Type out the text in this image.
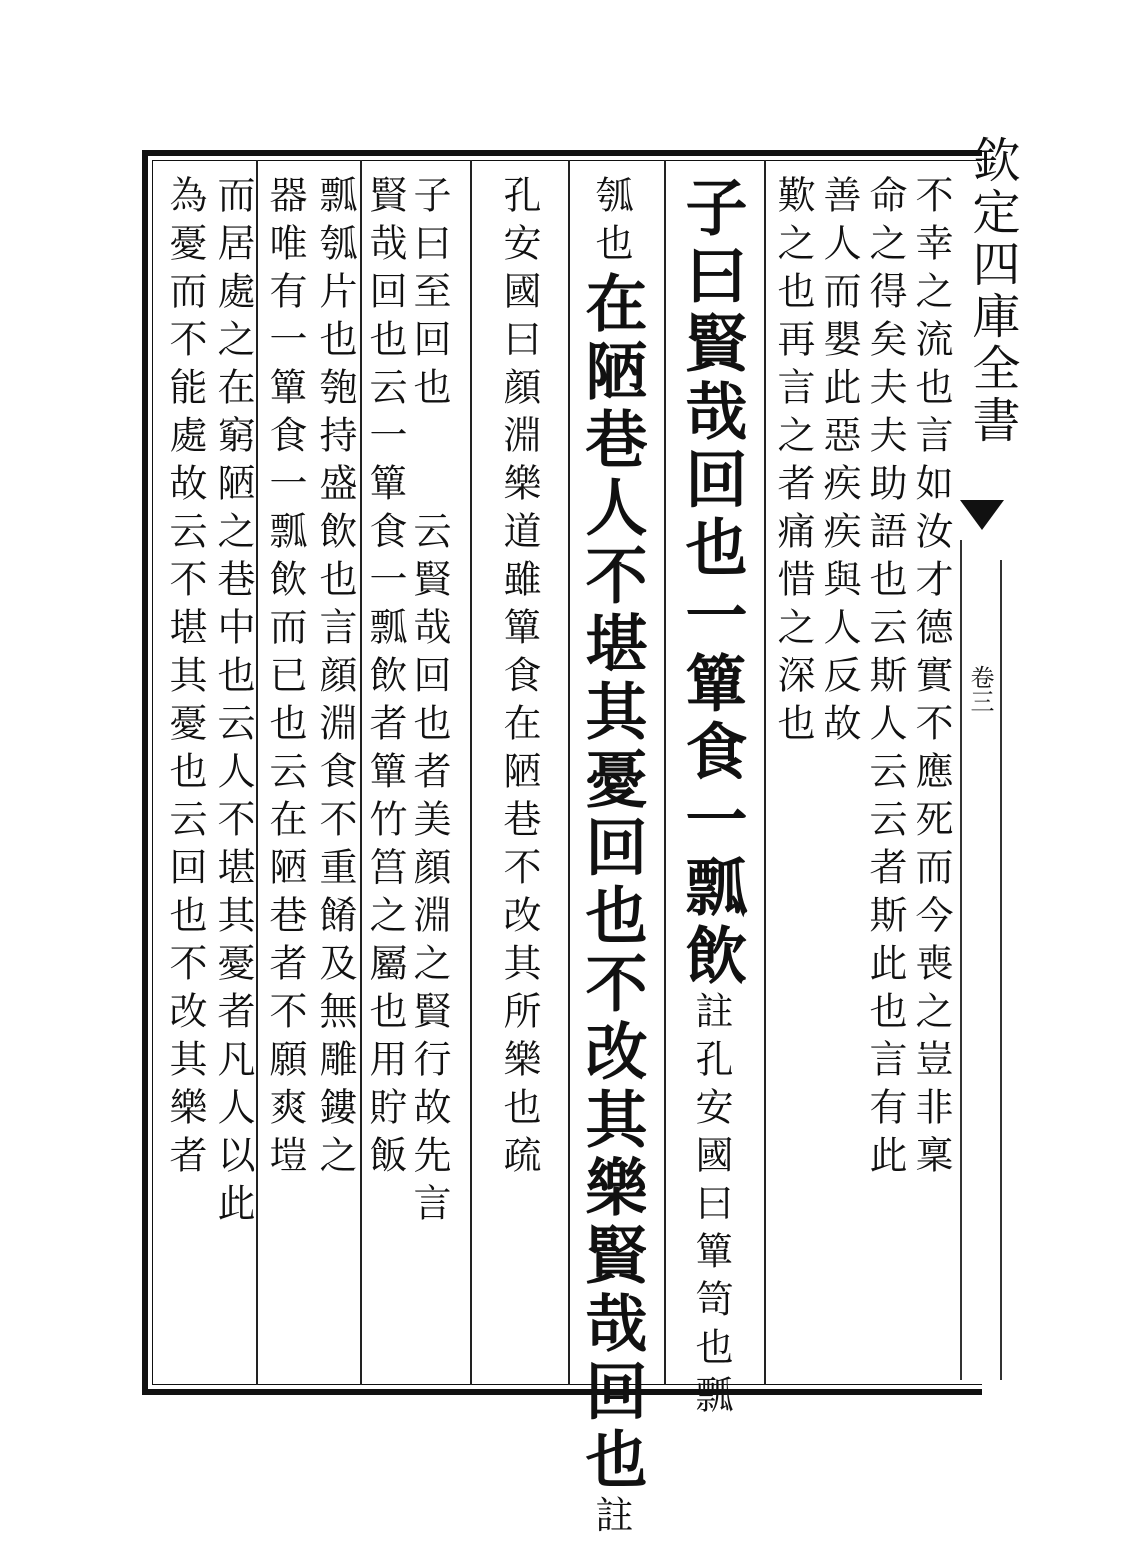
欽定四庫全書
卷三
不幸之流也言如汝才德實不應死而今喪之豈非稟
命之得矣夫夫助語也云斯人云云者斯此也言有此
善人而嬰此惡疾疾與人反故
歎之也再言之者痛惜之深也
子曰賢哉回也一簞食一瓢飲註孔安國曰簞笥也瓢
瓠也在陋巷人不堪其憂回也不改其樂賢哉回也註
孔安國曰顔淵樂道雖簞食在陋巷不改其所樂也疏
子曰至回也　　云賢哉回也者美顔淵之賢行故先言
賢哉回也云一簞食一瓢飲者簞竹筥之屬也用貯飯
瓢瓠片也匏持盛飲也言顔淵食不重餚及無雕鏤之
器唯有一簞食一瓢飲而已也云在陋巷者不願爽塏
而居處之在窮陋之巷中也云人不堪其憂者凡人以此
為憂而不能處故云不堪其憂也云回也不改其樂者
